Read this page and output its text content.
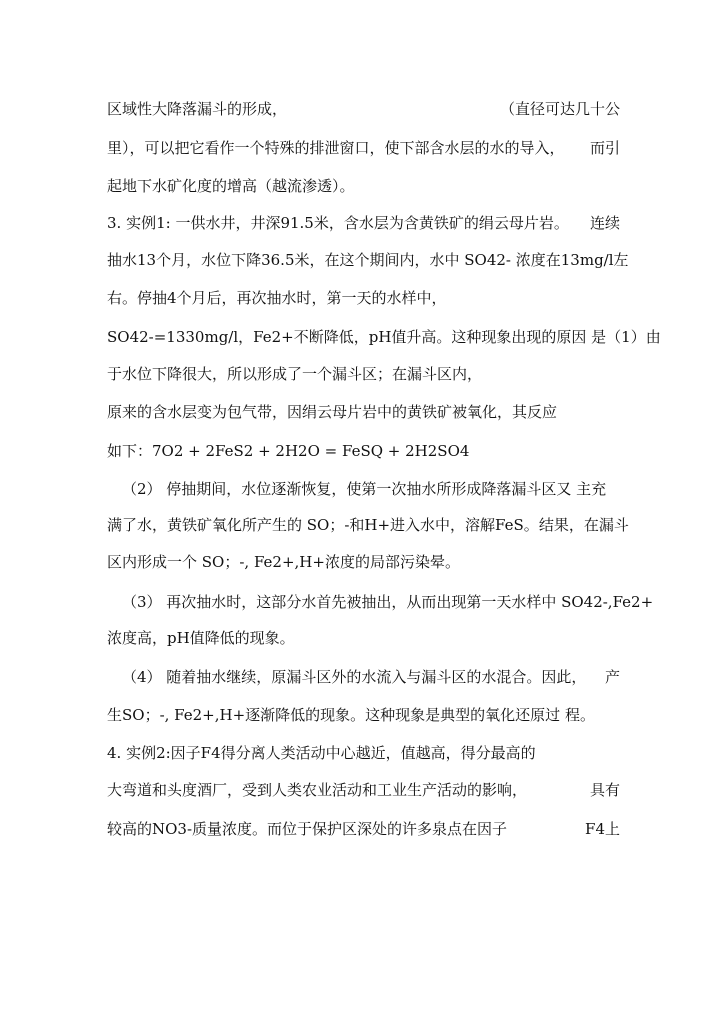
区域性大降落漏斗的形成，	（直径可达几十公
里），可以把它看作一个特殊的排泄窗口，使下部含水层的水的导入， 而引
起地下水矿化度的增高（越流渗透）。
3. 实例1: 一供水井，井深91.5米，含水层为含黄铁矿的绢云母片岩。 连续
抽水13个月，水位下降36.5米，在这个期间内，水中 SO42- 浓度在13mg/l左
右。停抽4个月后，再次抽水时，第一天的水样中，
SO42-=1330mg/l，Fe2+不断降低，pH值升高。这种现象出现的原因 是（1）由
于水位下降很大，所以形成了一个漏斗区；在漏斗区内，
原来的含水层变为包气带，因绢云母片岩中的黄铁矿被氧化，其反应
如下：7O2 + 2FeS2 + 2H2O = FeSQ + 2H2SO4
（2） 停抽期间，水位逐渐恢复，使第一次抽水所形成降落漏斗区又 主充
满了水，黄铁矿氧化所产生的 SO；-和H+进入水中，溶解FeS。 结果，在漏斗
区内形成一个 SO；-, Fe2+,H+浓度的局部污染晕。
（3） 再次抽水时，这部分水首先被抽出，从而出现第一天水样中 SO42-,Fe2+
浓度高，pH值降低的现象。
（4） 随着抽水继续，原漏斗区外的水流入与漏斗区的水混合。因此， 产
生SO；-, Fe2+,H+逐渐降低的现象。这种现象是典型的氧化还原过 程。
4. 实例2:因子F4得分离人类活动中心越近，值越高，得分最高的
大弯道和头度酒厂，受到人类农业活动和工业生产活动的影响，	具有
较高的NO3-质量浓度。而位于保护区深处的许多泉点在因子	F4上
